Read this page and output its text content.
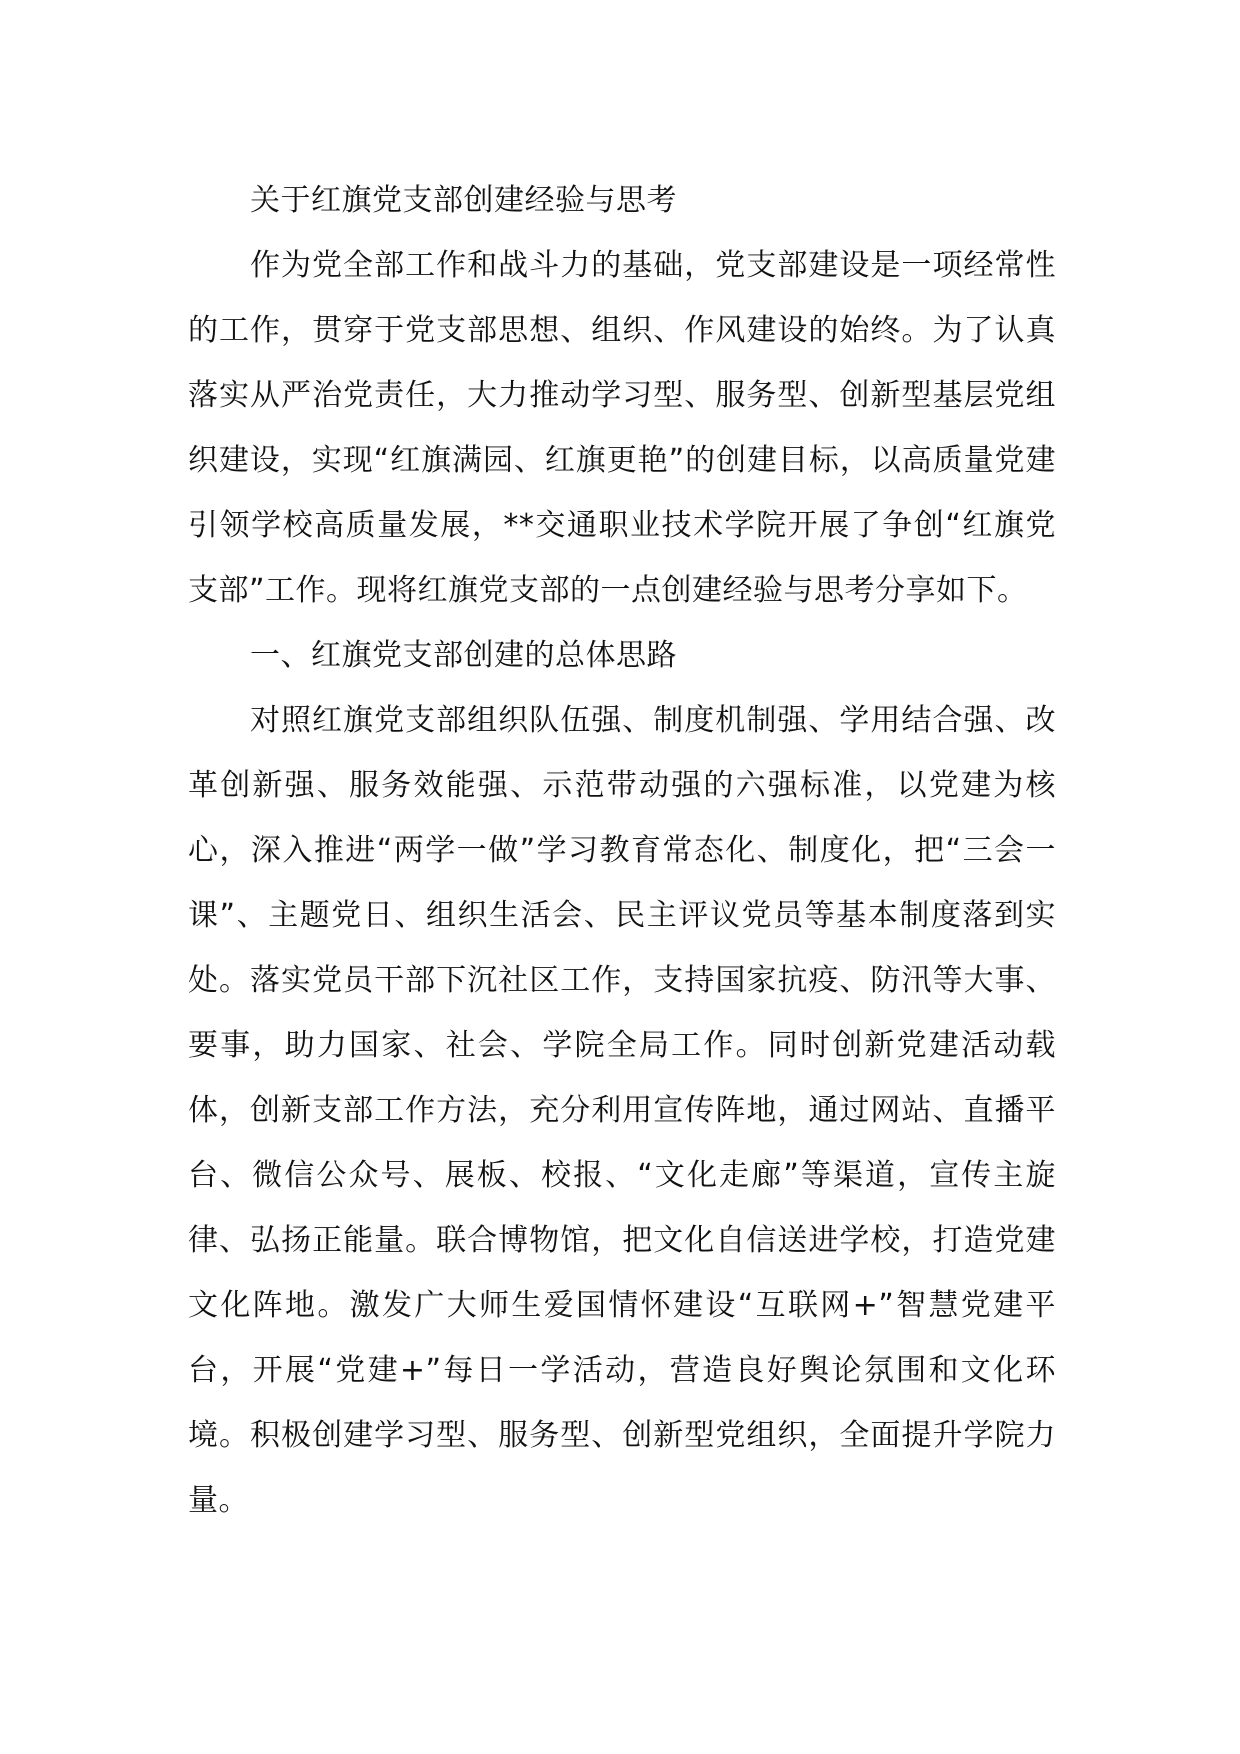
关于红旗党支部创建经验与思考

作为党全部工作和战斗力的基础，党支部建设是一项经常性的工作，贯穿于党支部思想、组织、作风建设的始终。为了认真落实从严治党责任，大力推动学习型、服务型、创新型基层党组织建设，实现“红旗满园、红旗更艳”的创建目标，以高质量党建引领学校高质量发展，**交通职业技术学院开展了争创“红旗党支部”工作。现将红旗党支部的一点创建经验与思考分享如下。

一、红旗党支部创建的总体思路

对照红旗党支部组织队伍强、制度机制强、学用结合强、改革创新强、服务效能强、示范带动强的六强标准，以党建为核心，深入推进“两学一做”学习教育常态化、制度化，把“三会一课”、主题党日、组织生活会、民主评议党员等基本制度落到实处。落实党员干部下沉社区工作，支持国家抗疫、防汛等大事、要事，助力国家、社会、学院全局工作。同时创新党建活动载体，创新支部工作方法，充分利用宣传阵地，通过网站、直播平台、微信公众号、展板、校报、“文化走廊”等渠道，宣传主旋律、弘扬正能量。联合博物馆，把文化自信送进学校，打造党建文化阵地。激发广大师生爱国情怀建设“互联网+”智慧党建平台，开展“党建+”每日一学活动，营造良好舆论氛围和文化环境。积极创建学习型、服务型、创新型党组织，全面提升学院力量。
